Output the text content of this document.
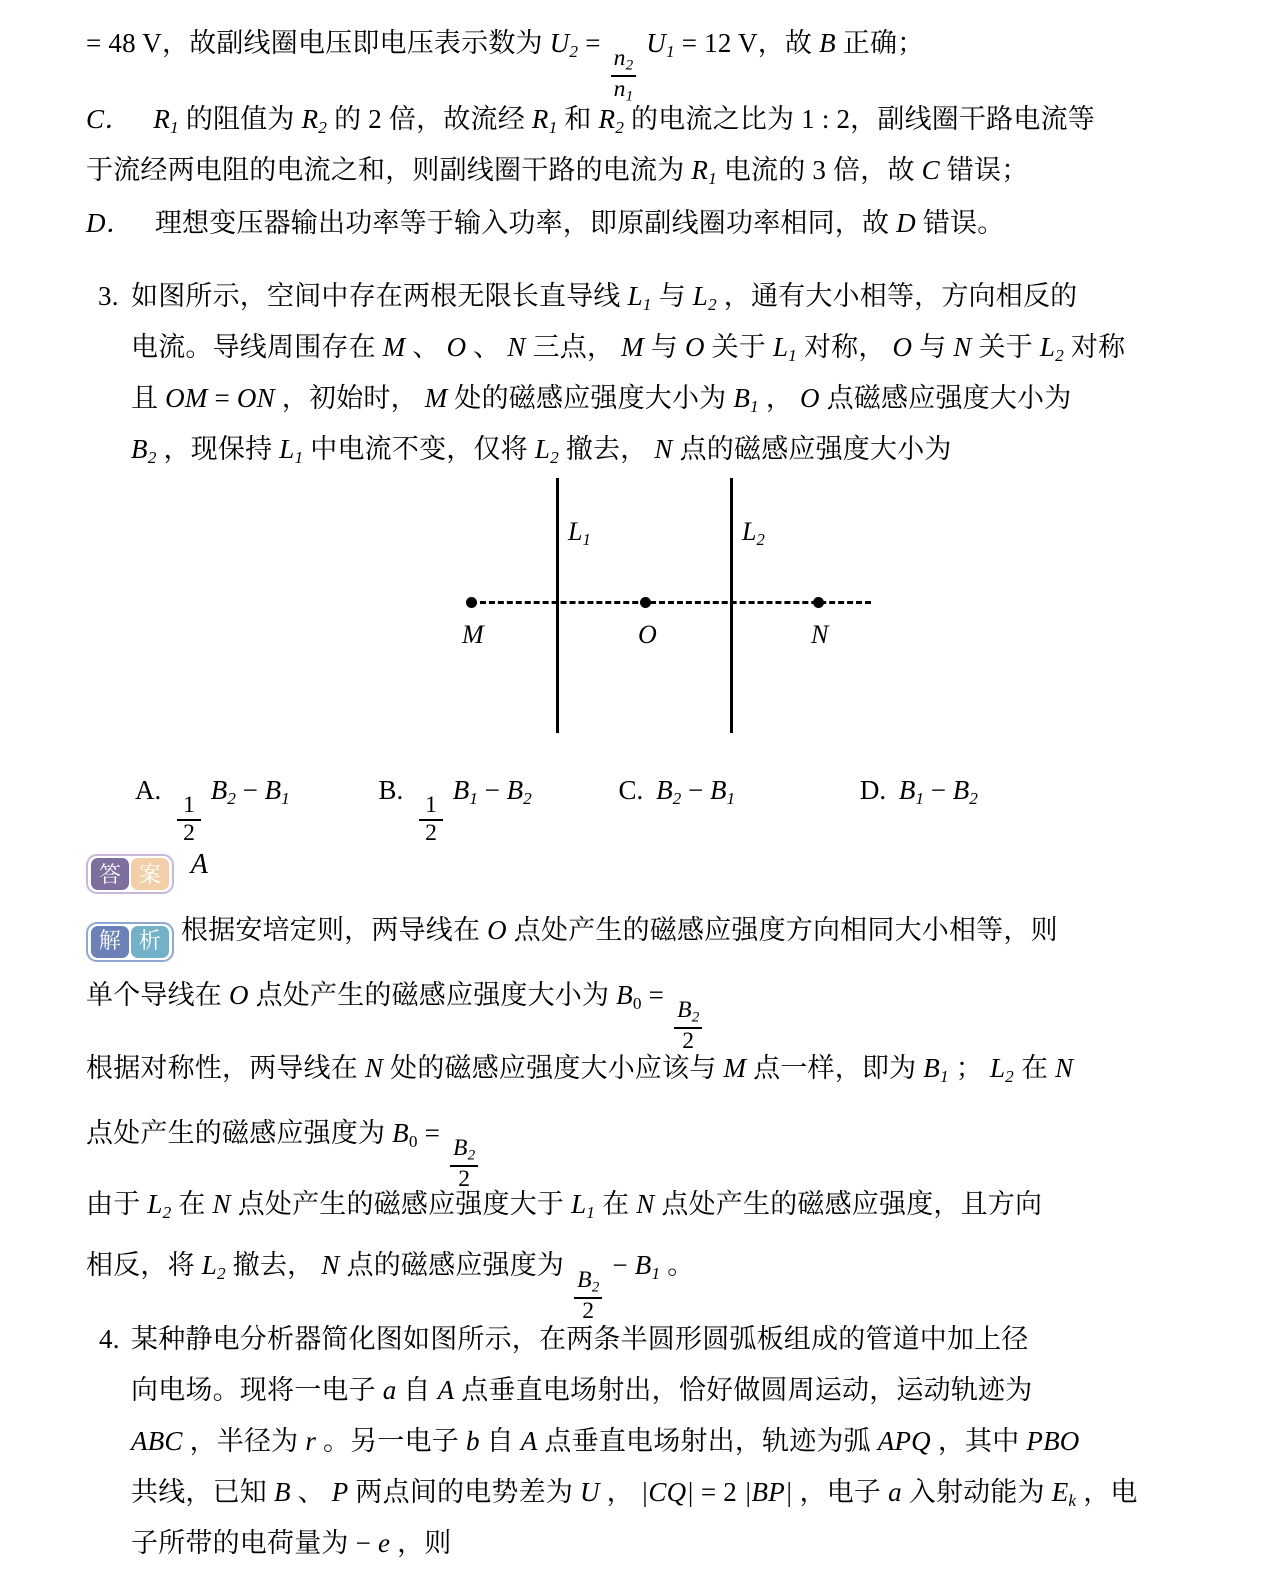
= 48 V，故副线圈电压即电压表示数为 $U_2$ =
$\frac{n_2}{n_1}$
$U_1 = 12$ V，故 B 正确；
C． $R_1$ 的阻值为 $R_2$ 的 2 倍，故流经 $R_1$ 和 $R_2$ 的电流之比为 1 : 2，副线圈干路电流等
于流经两电阻的电流之和，则副线圈干路的电流为 $R_1$ 电流的 3 倍，故 C 错误；
D． 理想变压器输出功率等于输入功率，即原副线圈功率相同，故 D 错误。
3. 如图所示，空间中存在两根无限长直导线 $L_1$ 与 $L_2$ ，通有大小相等，方向相反的
电流。导线周围存在 M 、 O 、 N 三点， M 与 O 关于 $L_1$ 对称， O 与 N 关于 $L_2$ 对称
且 OM = ON ，初始时， M 处的磁感应强度大小为 $B_1$ ， O 点磁感应强度大小为
$B_2$ ，现保持 $L_1$ 中电流不变，仅将 $L_2$ 撤去， N 点的磁感应强度大小为
$L_1$	$L_2$
M	O	N
A.
$\frac{1}{2}$
$B_2 - B_1$	B.
$\frac{1}{2}$
$B_1 - B_2$	C. $B_2 - B_1$	D. $B_1 - B_2$
答 案 A
解 析 根据安培定则，两导线在 O 点处产生的磁感应强度方向相同大小相等，则
单个导线在 O 点处产生的磁感应强度大小为 $B_0$ =
$\frac{B_2}{2}$
根据对称性，两导线在 N 处的磁感应强度大小应该与 M 点一样，即为 $B_1$ ； $L_2$ 在 N
点处产生的磁感应强度为 $B_0$ =
$\frac{B_2}{2}$
由于 $L_2$ 在 N 点处产生的磁感应强度大于 $L_1$ 在 N 点处产生的磁感应强度，且方向
相反，将 $L_2$ 撤去， N 点的磁感应强度为
$\frac{B_2}{2}$
− $B_1$ 。
4. 某种静电分析器简化图如图所示，在两条半圆形圆弧板组成的管道中加上径
向电场。现将一电子 a 自 A 点垂直电场射出，恰好做圆周运动，运动轨迹为
ABC ，半径为 r 。另一电子 b 自 A 点垂直电场射出，轨迹为弧 APQ ，其中 PBO
共线，已知 B 、 P 两点间的电势差为 U ， |CQ| = 2 |BP| ，电子 a 入射动能为 $E_k$ ，电
子所带的电荷量为 − e ，则
